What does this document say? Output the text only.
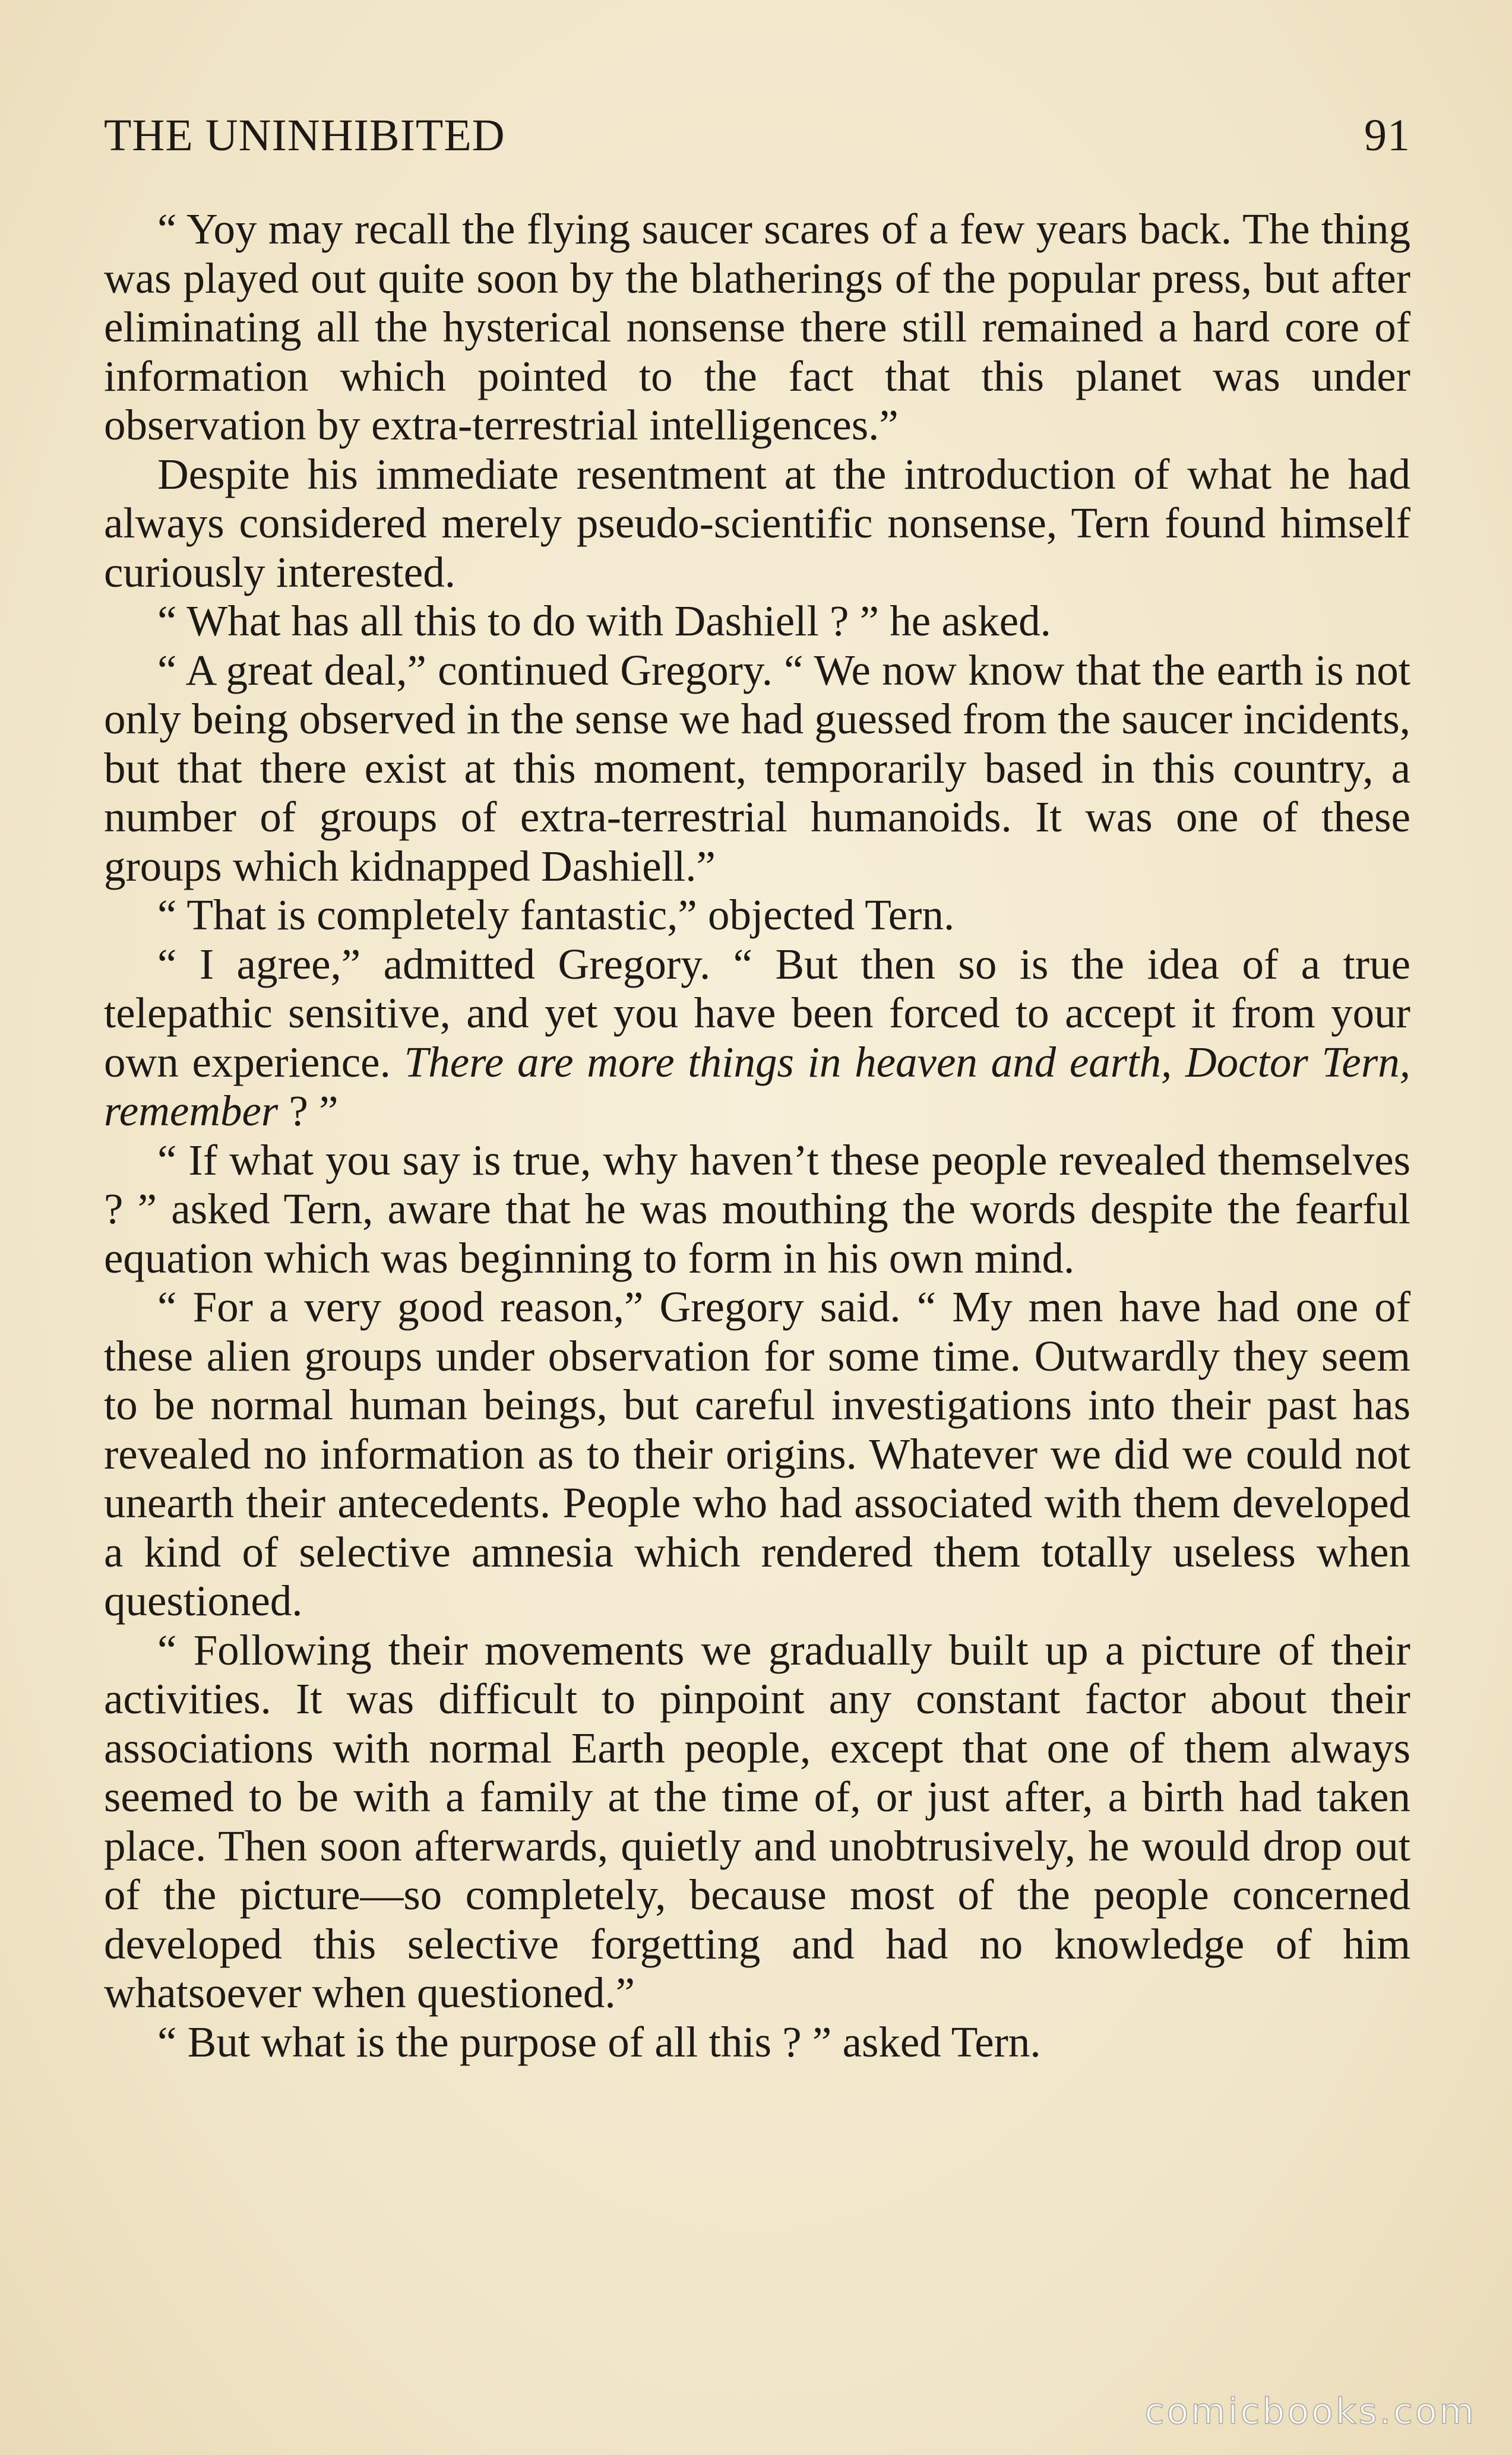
THE UNINHIBITED	91

“ Yoy may recall the flying saucer scares of a few years back. The thing was played out quite soon by the blatherings of the popular press, but after eliminating all the hysterical nonsense there still remained a hard core of information which pointed to the fact that this planet was under observation by extra-terrestrial intelligences.”

Despite his immediate resentment at the introduction of what he had always considered merely pseudo-scientific nonsense, Tern found himself curiously interested.

“ What has all this to do with Dashiell ? ” he asked.

“ A great deal,” continued Gregory. “ We now know that the earth is not only being observed in the sense we had guessed from the saucer incidents, but that there exist at this moment, temporarily based in this country, a number of groups of extra-terrestrial humanoids. It was one of these groups which kidnapped Dashiell.”

“ That is completely fantastic,” objected Tern.

“ I agree,” admitted Gregory. “ But then so is the idea of a true telepathic sensitive, and yet you have been forced to accept it from your own experience. There are more things in heaven and earth, Doctor Tern, remember ? ”

“ If what you say is true, why haven’t these people revealed themselves ? ” asked Tern, aware that he was mouthing the words despite the fearful equation which was beginning to form in his own mind.

“ For a very good reason,” Gregory said. “ My men have had one of these alien groups under observation for some time. Outwardly they seem to be normal human beings, but careful investigations into their past has revealed no information as to their origins. Whatever we did we could not unearth their antecedents. People who had associated with them developed a kind of selective amnesia which rendered them totally useless when questioned.

“ Following their movements we gradually built up a picture of their activities. It was difficult to pinpoint any constant factor about their associations with normal Earth people, except that one of them always seemed to be with a family at the time of, or just after, a birth had taken place. Then soon afterwards, quietly and unobtrusively, he would drop out of the picture—so completely, because most of the people concerned developed this selective forgetting and had no knowledge of him whatsoever when questioned.”

“ But what is the purpose of all this ? ” asked Tern.

comicbooks.com
